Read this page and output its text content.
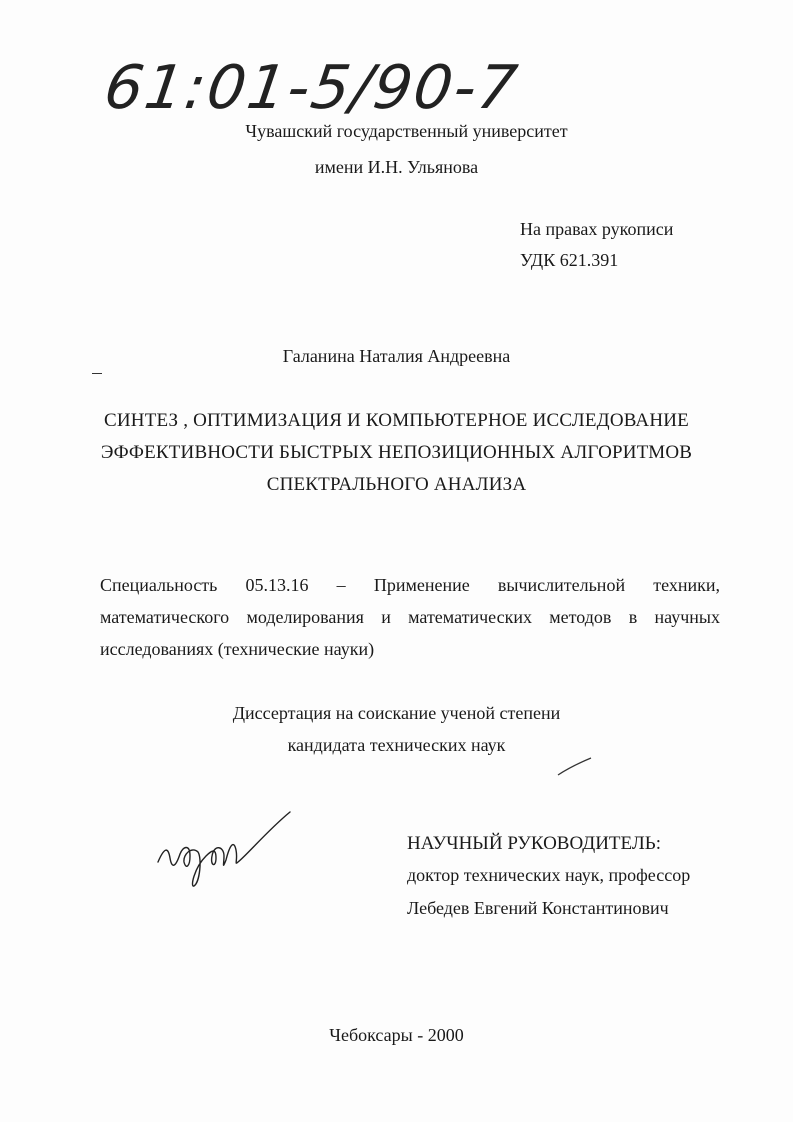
61:01-5/90-7
Чувашский государственный университет
имени И.Н. Ульянова
На правах рукописи
УДК 621.391
Галанина Наталия Андреевна
СИНТЕЗ , ОПТИМИЗАЦИЯ И КОМПЬЮТЕРНОЕ ИССЛЕДОВАНИЕ
ЭФФЕКТИВНОСТИ БЫСТРЫХ НЕПОЗИЦИОННЫХ АЛГОРИТМОВ
СПЕКТРАЛЬНОГО АНАЛИЗА
Специальность 05.13.16 – Применение вычислительной техники,
математического моделирования и математических методов в научных
исследованиях (технические науки)
Диссертация на соискание ученой степени
кандидата технических наук
НАУЧНЫЙ РУКОВОДИТЕЛЬ:
доктор технических наук, профессор
Лебедев Евгений Константинович
Чебоксары - 2000
